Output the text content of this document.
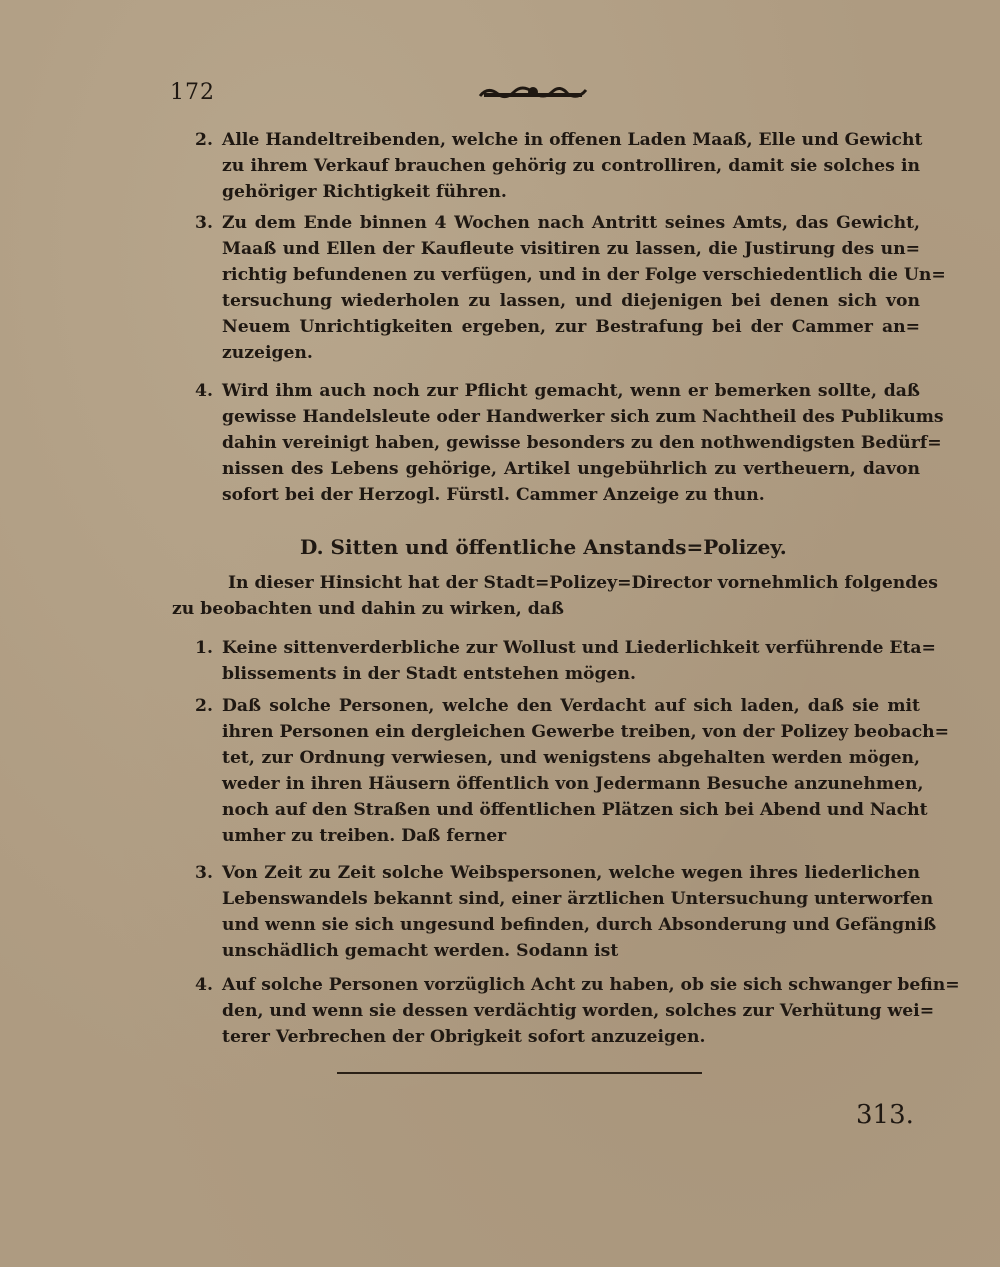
172
2. Alle Handeltreibenden, welche in offenen Laden Maaß, Elle und Gewicht
zu ihrem Verkauf brauchen gehörig zu controlliren, damit sie solches in
gehöriger Richtigkeit führen.
3. Zu dem Ende binnen 4 Wochen nach Antritt seines Amts, das Gewicht,
Maaß und Ellen der Kaufleute visitiren zu lassen, die Justirung des un=
richtig befundenen zu verfügen, und in der Folge verschiedentlich die Un=
tersuchung wiederholen zu lassen, und diejenigen bei denen sich von
Neuem Unrichtigkeiten ergeben, zur Bestrafung bei der Cammer an=
zuzeigen.
4. Wird ihm auch noch zur Pflicht gemacht, wenn er bemerken sollte, daß
gewisse Handelsleute oder Handwerker sich zum Nachtheil des Publikums
dahin vereinigt haben, gewisse besonders zu den nothwendigsten Bedürf=
nissen des Lebens gehörige, Artikel ungebührlich zu vertheuern, davon
sofort bei der Herzogl. Fürstl. Cammer Anzeige zu thun.
D. Sitten und öffentliche Anstands=Polizey.
In dieser Hinsicht hat der Stadt=Polizey=Director vornehmlich folgendes
zu beobachten und dahin zu wirken, daß
1. Keine sittenverderbliche zur Wollust und Liederlichkeit verführende Eta=
blissements in der Stadt entstehen mögen.
2. Daß solche Personen, welche den Verdacht auf sich laden, daß sie mit
ihren Personen ein dergleichen Gewerbe treiben, von der Polizey beobach=
tet, zur Ordnung verwiesen, und wenigstens abgehalten werden mögen,
weder in ihren Häusern öffentlich von Jedermann Besuche anzunehmen,
noch auf den Straßen und öffentlichen Plätzen sich bei Abend und Nacht
umher zu treiben. Daß ferner
3. Von Zeit zu Zeit solche Weibspersonen, welche wegen ihres liederlichen
Lebenswandels bekannt sind, einer ärztlichen Untersuchung unterworfen
und wenn sie sich ungesund befinden, durch Absonderung und Gefängniß
unschädlich gemacht werden. Sodann ist
4. Auf solche Personen vorzüglich Acht zu haben, ob sie sich schwanger befin=
den, und wenn sie dessen verdächtig worden, solches zur Verhütung wei=
terer Verbrechen der Obrigkeit sofort anzuzeigen.
313.
